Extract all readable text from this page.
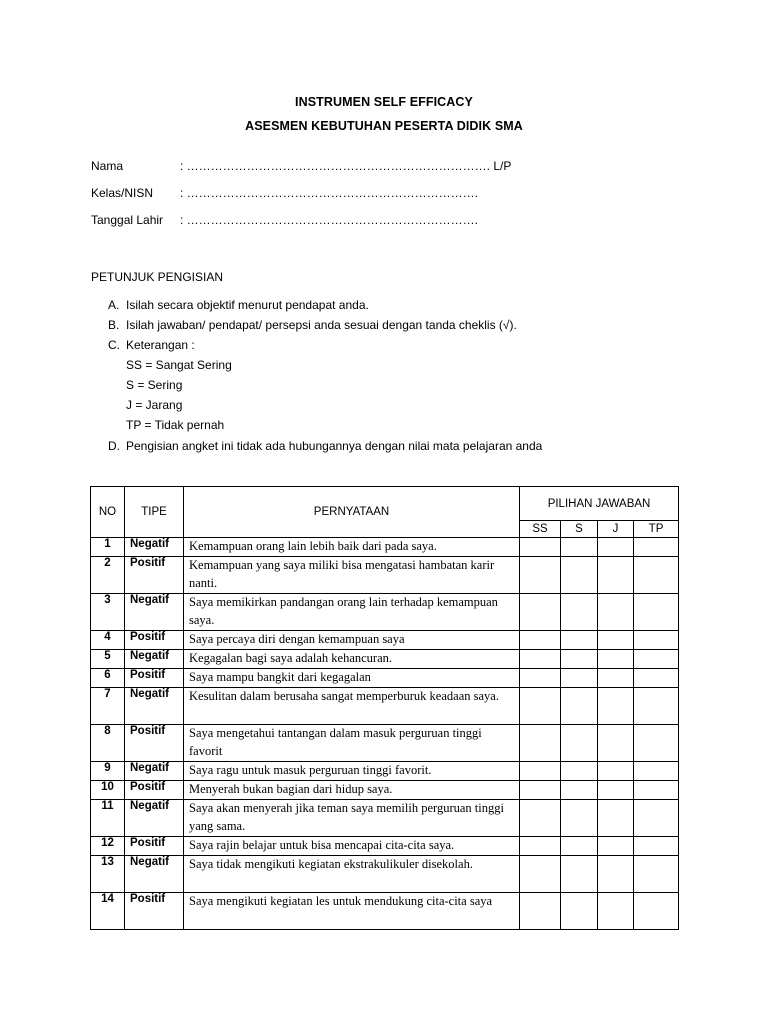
INSTRUMEN SELF EFFICACY
ASESMEN KEBUTUHAN PESERTA DIDIK SMA
Nama	: …………………………………………………………………. L/P
Kelas/NISN : ……………………………………………………………….
Tanggal Lahir : ……………………………………………………………….
PETUNJUK PENGISIAN
A. Isilah secara objektif menurut pendapat anda.
B. Isilah jawaban/ pendapat/ persepsi anda sesuai dengan tanda cheklis (√).
C. Keterangan :
SS = Sangat Sering
S = Sering
J = Jarang
TP = Tidak pernah
D. Pengisian angket ini tidak ada hubungannya dengan nilai mata pelajaran anda
NO	TIPE	PERNYATAAN	PILIHAN JAWABAN			
			SS	S	J	TP
1	Negatif	Kemampuan orang lain lebih baik dari pada saya.				
2	Positif	Kemampuan yang saya miliki bisa mengatasi hambatan karir nanti.				
3	Negatif	Saya memikirkan pandangan orang lain terhadap kemampuan saya.				
4	Positif	Saya percaya diri dengan kemampuan saya				
5	Negatif	Kegagalan bagi saya adalah kehancuran.				
6	Positif	Saya mampu bangkit dari kegagalan				
7	Negatif	Kesulitan dalam berusaha sangat memperburuk keadaan saya.				
8	Positif	Saya mengetahui tantangan dalam masuk perguruan tinggi favorit				
9	Negatif	Saya ragu untuk masuk perguruan tinggi favorit.				
10	Positif	Menyerah bukan bagian dari hidup saya.				
11	Negatif	Saya akan menyerah jika teman saya memilih perguruan tinggi yang sama.				
12	Positif	Saya rajin belajar untuk bisa mencapai cita-cita saya.				
13	Negatif	Saya tidak mengikuti kegiatan ekstrakulikuler disekolah.				
14	Positif	Saya mengikuti kegiatan les untuk mendukung cita-cita saya				
